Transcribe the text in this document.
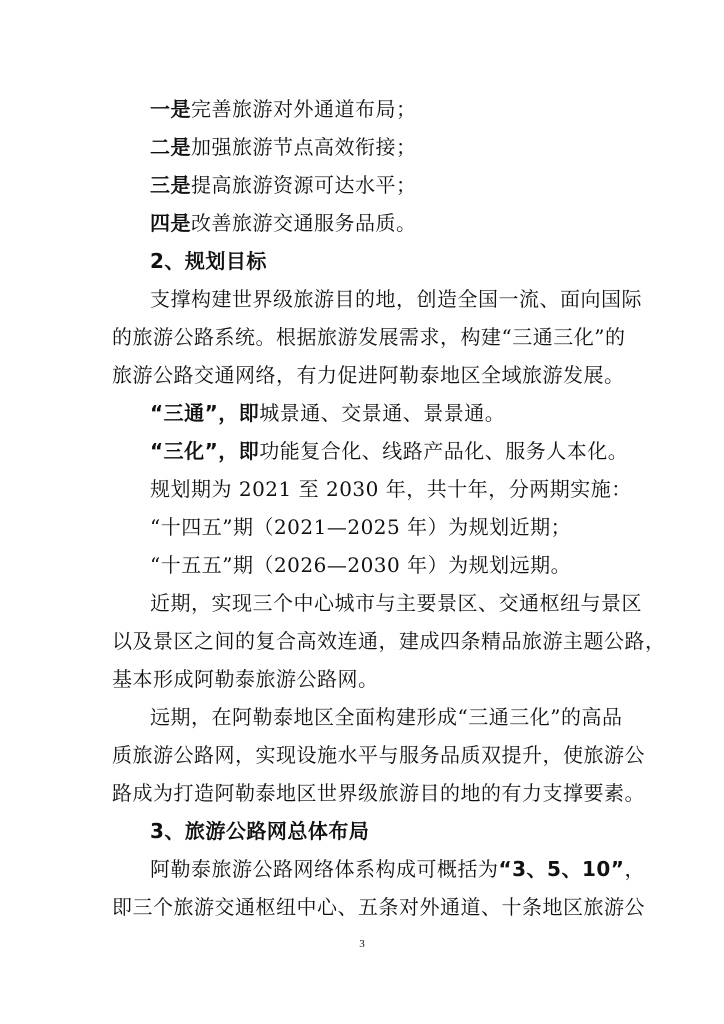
一是完善旅游对外通道布局；
二是加强旅游节点高效衔接；
三是提高旅游资源可达水平；
四是改善旅游交通服务品质。
2、规划目标
支撑构建世界级旅游目的地，创造全国一流、面向国际
的旅游公路系统。根据旅游发展需求，构建“三通三化”的
旅游公路交通网络，有力促进阿勒泰地区全域旅游发展。
“三通”，即城景通、交景通、景景通。
“三化”，即功能复合化、线路产品化、服务人本化。
规划期为 2021 至 2030 年，共十年，分两期实施：
“十四五”期（2021—2025 年）为规划近期；
“十五五”期（2026—2030 年）为规划远期。
近期，实现三个中心城市与主要景区、交通枢纽与景区
以及景区之间的复合高效连通，建成四条精品旅游主题公路，
基本形成阿勒泰旅游公路网。
远期，在阿勒泰地区全面构建形成“三通三化”的高品
质旅游公路网，实现设施水平与服务品质双提升，使旅游公
路成为打造阿勒泰地区世界级旅游目的地的有力支撑要素。
3、旅游公路网总体布局
阿勒泰旅游公路网络体系构成可概括为“3、5、10”，
即三个旅游交通枢纽中心、五条对外通道、十条地区旅游公
3
